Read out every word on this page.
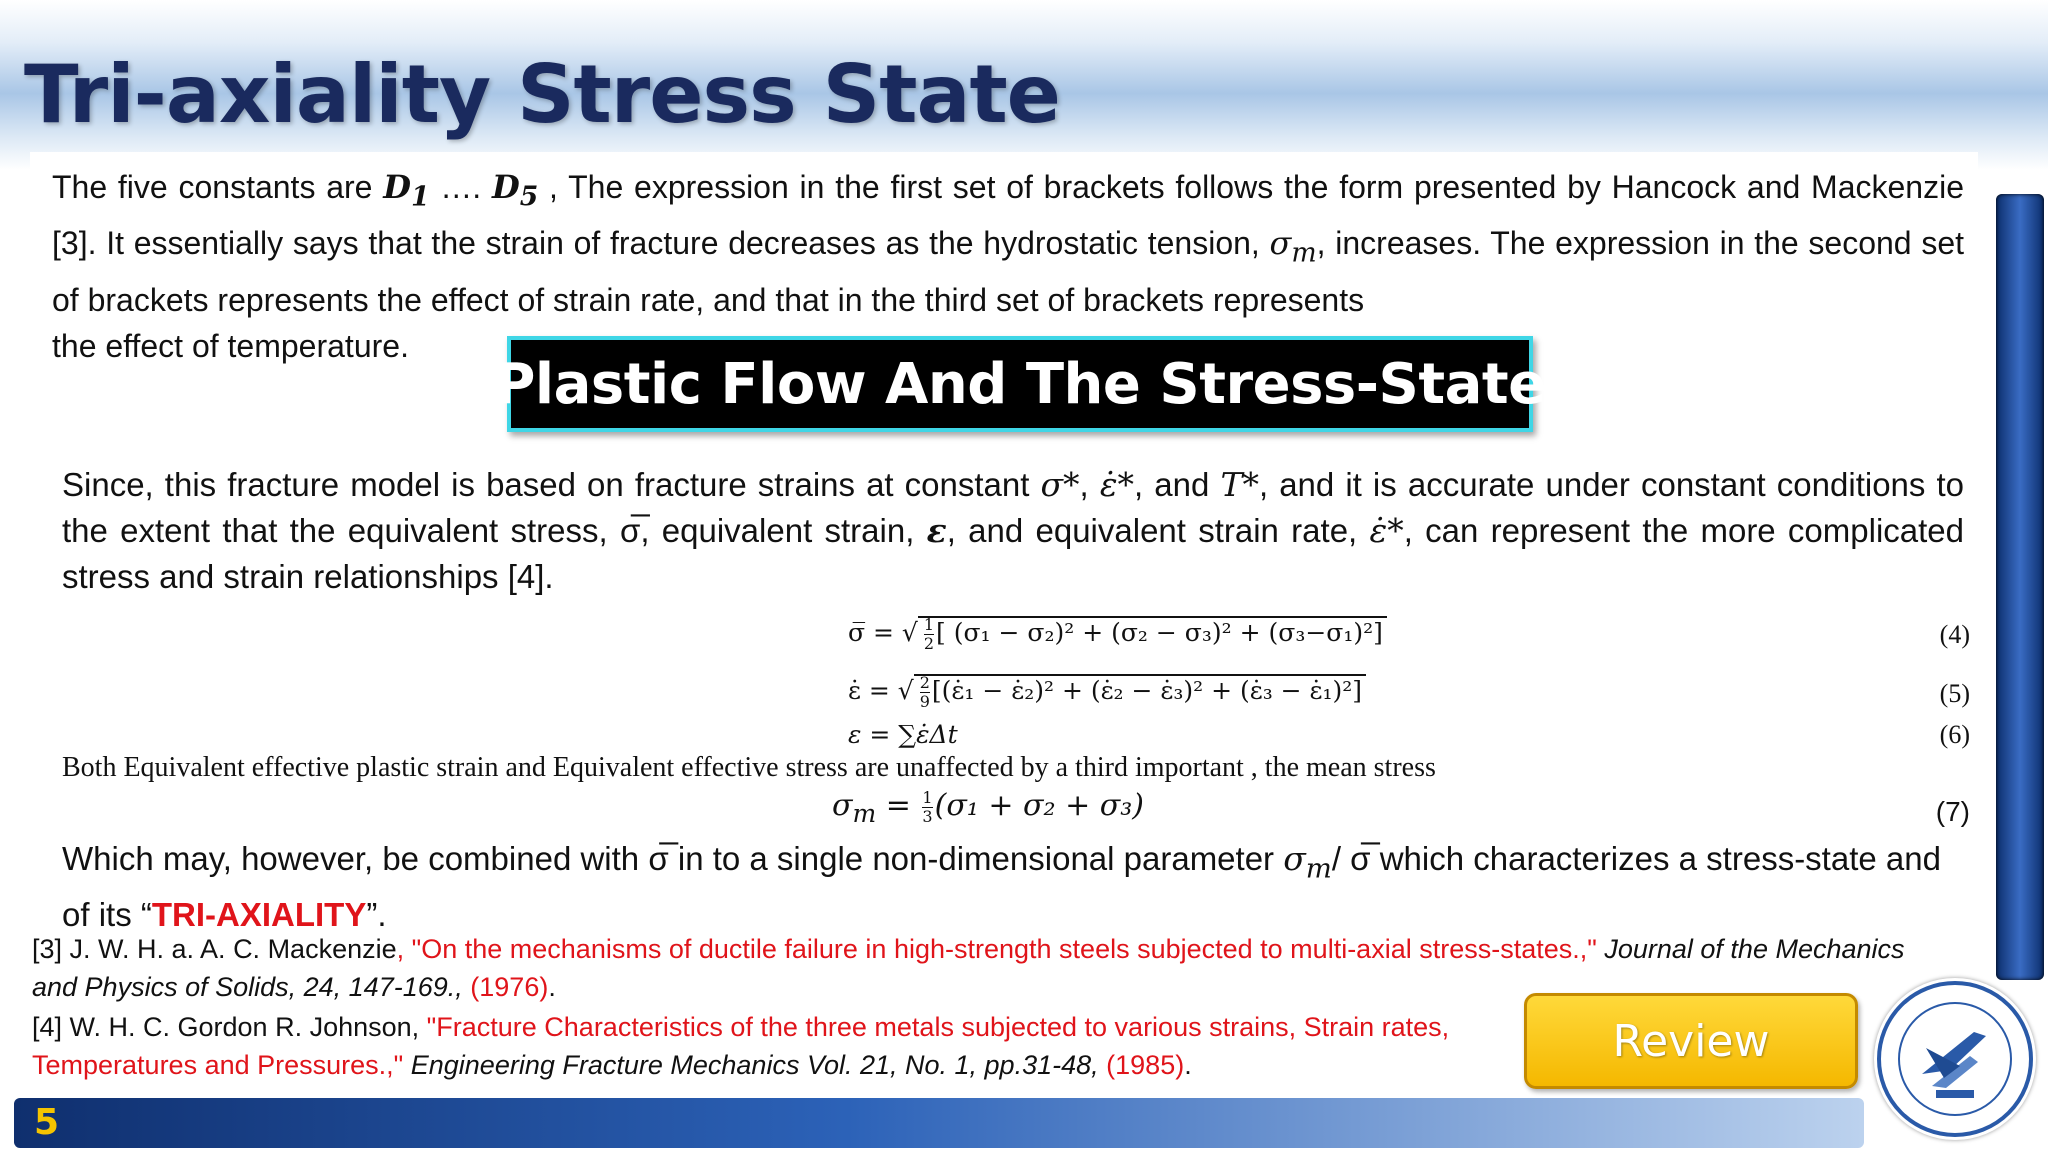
Tri-axiality Stress State

The five constants are $D_1$ …. $D_5$ , The expression in the first set of brackets follows the form presented by Hancock and Mackenzie [3]. It essentially says that the strain of fracture decreases as the hydrostatic tension, $\sigma_m$, increases. The expression in the second set of brackets represents the effect of strain rate, and that in the third set of brackets represents
the effect of temperature.

Plastic Flow And The Stress-State

Since, this fracture model is based on fracture strains at constant σ*, ε̇*, and T*, and it is accurate under constant conditions to the extent that the equivalent stress, σ̅, equivalent strain, ε, and equivalent strain rate, ε̇*, can represent the more complicated stress and strain relationships [4].

σ̅ = √ $\frac{1}{2}$ [ (σ₁ − σ₂)² + (σ₂ − σ₃)² + (σ₃−σ₁)²]	(4)
ε̇ = √ $\frac{2}{9}$ [(ε̇₁ − ε̇₂)² + (ε̇₂ − ε̇₃)² + (ε̇₃ − ε̇₁)²]	(5)
ε = ∑ε̇Δt	(6)

Both Equivalent effective plastic strain and Equivalent effective stress are unaffected by a third important , the mean stress

$\sigma_m = \frac{1}{3} (\sigma_1 + \sigma_2 + \sigma_3)$	(7)

Which may, however, be combined with σ̅ in to a single non-dimensional parameter $\sigma_m/$ σ̅ which characterizes a stress-state and of its “TRI-AXIALITY”.

[3] J. W. H. a. A. C. Mackenzie, "On the mechanisms of ductile failure in high-strength steels subjected to multi-axial stress-states.," Journal of the Mechanics and Physics of Solids, 24, 147-169., (1976).

[4] W. H. C. Gordon R. Johnson, "Fracture Characteristics of the three metals subjected to various strains, Strain rates, Temperatures and Pressures.," Engineering Fracture Mechanics Vol. 21, No. 1, pp.31-48, (1985).	Review
5
